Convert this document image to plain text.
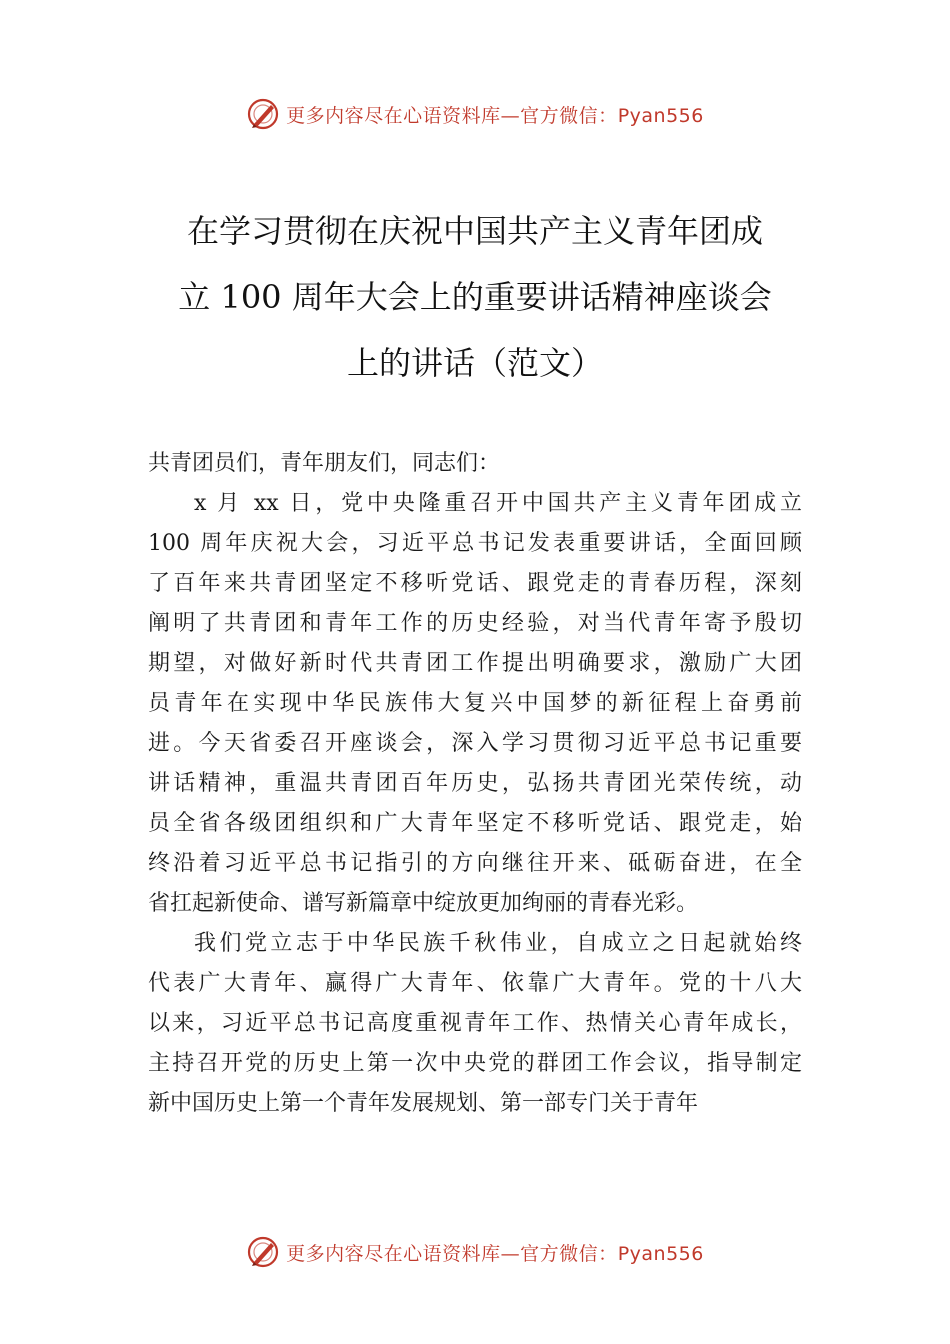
更多内容尽在心语资料库—官方微信：Pyan556
在学习贯彻在庆祝中国共产主义青年团成
立 100 周年大会上的重要讲话精神座谈会
上的讲话（范文）
共青团员们，青年朋友们，同志们：
x 月 xx 日，党中央隆重召开中国共产主义青年团成立
100 周年庆祝大会，习近平总书记发表重要讲话，全面回顾
了百年来共青团坚定不移听党话、跟党走的青春历程，深刻
阐明了共青团和青年工作的历史经验，对当代青年寄予殷切
期望，对做好新时代共青团工作提出明确要求，激励广大团
员青年在实现中华民族伟大复兴中国梦的新征程上奋勇前
进。今天省委召开座谈会，深入学习贯彻习近平总书记重要
讲话精神，重温共青团百年历史，弘扬共青团光荣传统，动
员全省各级团组织和广大青年坚定不移听党话、跟党走，始
终沿着习近平总书记指引的方向继往开来、砥砺奋进，在全
省扛起新使命、谱写新篇章中绽放更加绚丽的青春光彩。
我们党立志于中华民族千秋伟业，自成立之日起就始终
代表广大青年、赢得广大青年、依靠广大青年。党的十八大
以来，习近平总书记高度重视青年工作、热情关心青年成长，
主持召开党的历史上第一次中央党的群团工作会议，指导制定
新中国历史上第一个青年发展规划、第一部专门关于青年
更多内容尽在心语资料库—官方微信：Pyan556
